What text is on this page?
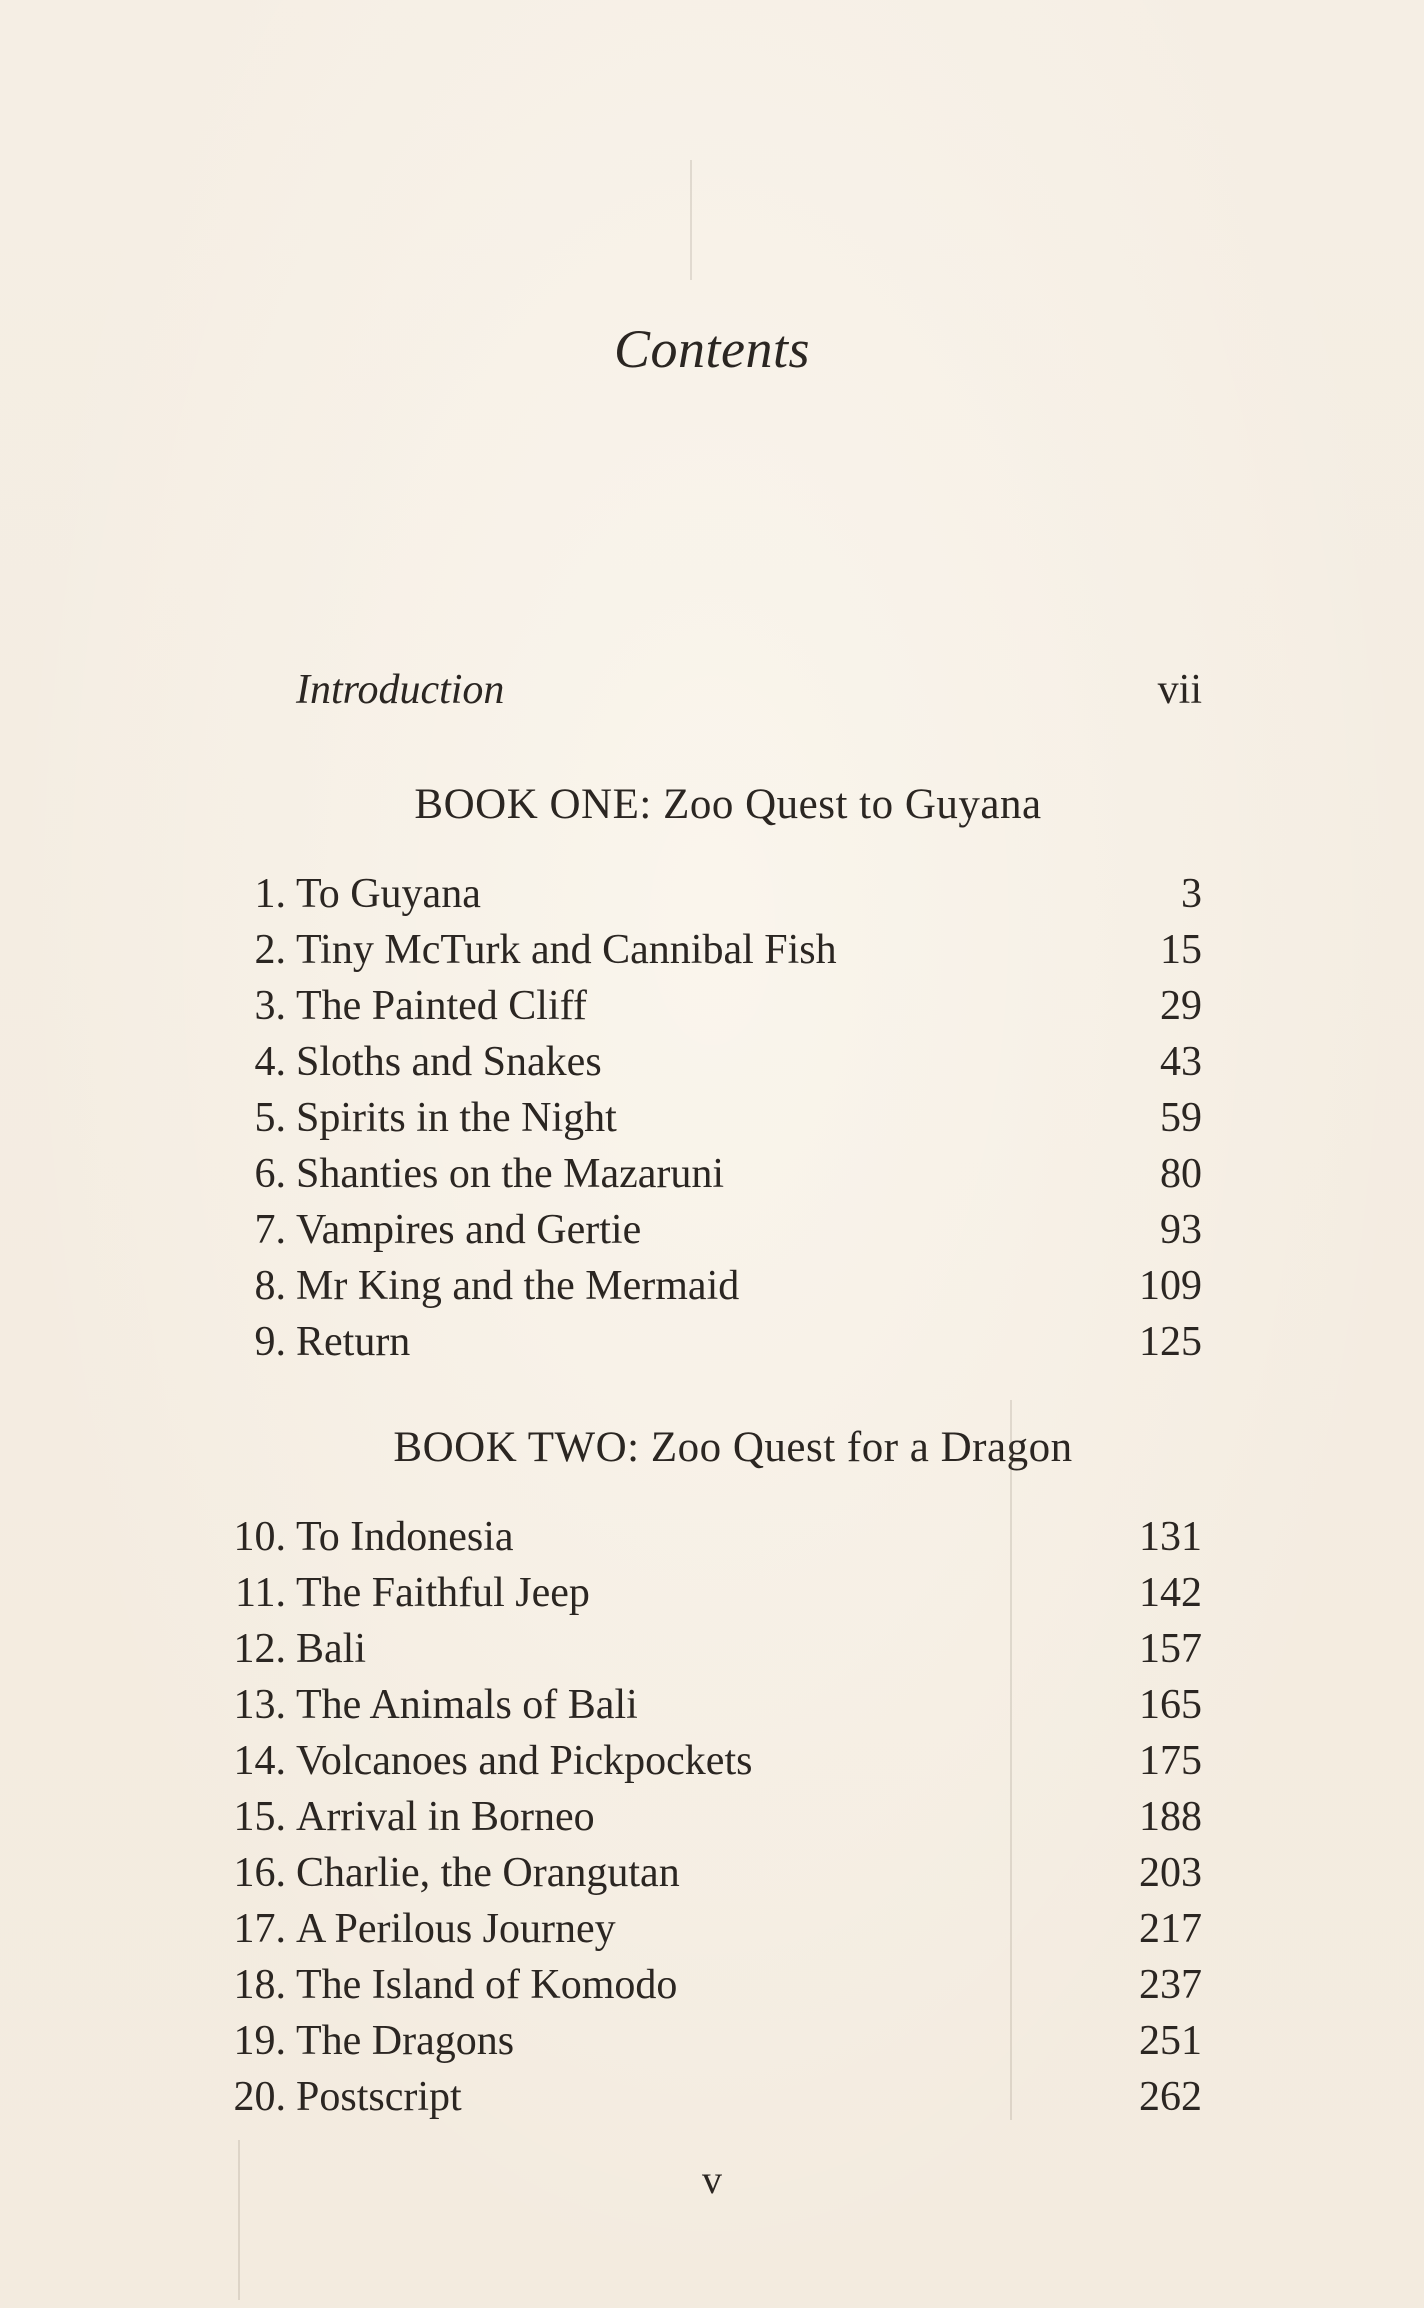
Contents
Introduction	vii
BOOK ONE: Zoo Quest to Guyana
1. To Guyana	3
2. Tiny McTurk and Cannibal Fish	15
3. The Painted Cliff	29
4. Sloths and Snakes	43
5. Spirits in the Night	59
6. Shanties on the Mazaruni	80
7. Vampires and Gertie	93
8. Mr King and the Mermaid	109
9. Return	125
BOOK TWO: Zoo Quest for a Dragon
10. To Indonesia	131
11. The Faithful Jeep	142
12. Bali	157
13. The Animals of Bali	165
14. Volcanoes and Pickpockets	175
15. Arrival in Borneo	188
16. Charlie, the Orangutan	203
17. A Perilous Journey	217
18. The Island of Komodo	237
19. The Dragons	251
20. Postscript	262
v
